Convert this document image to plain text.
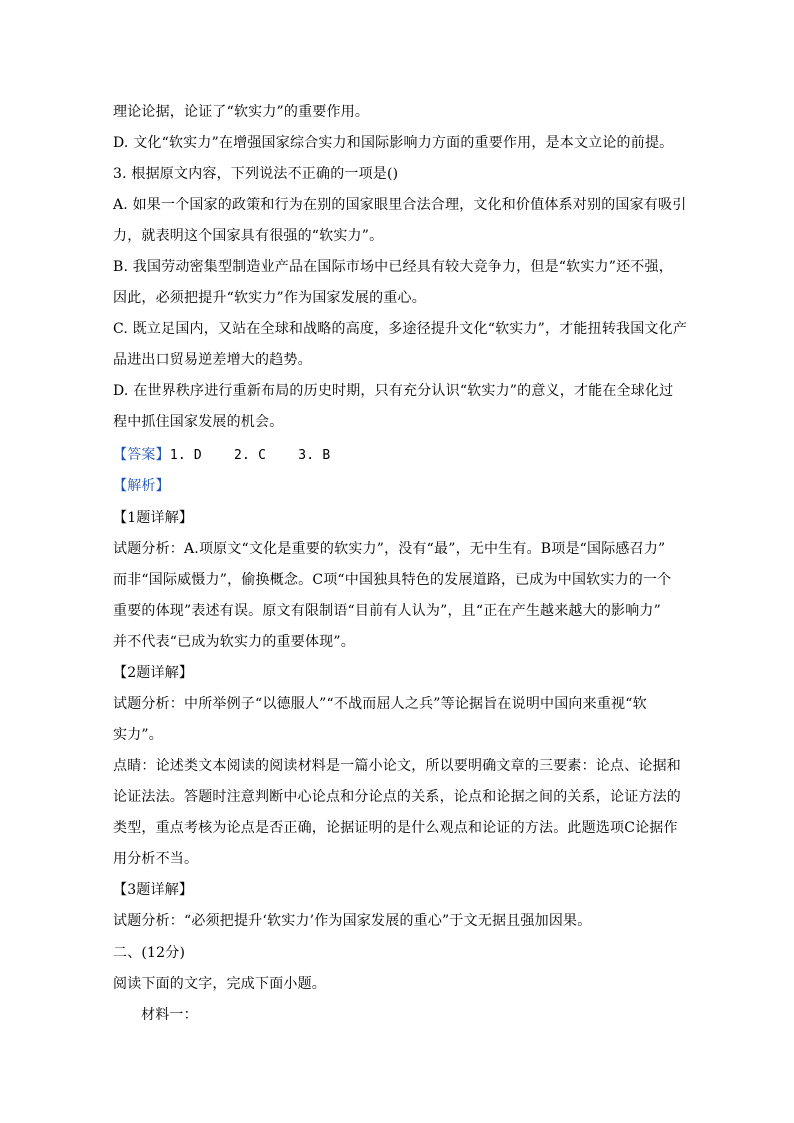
理论论据，论证了“软实力”的重要作用。
D. 文化“软实力”在增强国家综合实力和国际影响力方面的重要作用，是本文立论的前提。
3. 根据原文内容，下列说法不正确的一项是()
A. 如果一个国家的政策和行为在别的国家眼里合法合理，文化和价值体系对别的国家有吸引
力，就表明这个国家具有很强的“软实力”。
B. 我国劳动密集型制造业产品在国际市场中已经具有较大竞争力，但是“软实力”还不强，
因此，必须把提升“软实力”作为国家发展的重心。
C. 既立足国内，又站在全球和战略的高度，多途径提升文化“软实力”，才能扭转我国文化产
品进出口贸易逆差增大的趋势。
D. 在世界秩序进行重新布局的历史时期，只有充分认识“软实力”的意义，才能在全球化过
程中抓住国家发展的机会。
【答案】1. D    2. C    3. B
【解析】
【1题详解】
试题分析：A.项原文“文化是重要的软实力”，没有“最”，无中生有。B项是“国际感召力”
而非“国际威慑力”，偷换概念。C项“中国独具特色的发展道路，已成为中国软实力的一个
重要的体现”表述有误。原文有限制语“目前有人认为”，且“正在产生越来越大的影响力”
并不代表“已成为软实力的重要体现”。
【2题详解】
试题分析：中所举例子“以德服人”“不战而屈人之兵”等论据旨在说明中国向来重视“软
实力”。
点睛：论述类文本阅读的阅读材料是一篇小论文，所以要明确文章的三要素：论点、论据和
论证法法。答题时注意判断中心论点和分论点的关系，论点和论据之间的关系，论证方法的
类型，重点考核为论点是否正确，论据证明的是什么观点和论证的方法。此题选项C论据作
用分析不当。
【3题详解】
试题分析：“必须把提升‘软实力’作为国家发展的重心”于文无据且强加因果。
二、(12分)
阅读下面的文字，完成下面小题。
材料一：
